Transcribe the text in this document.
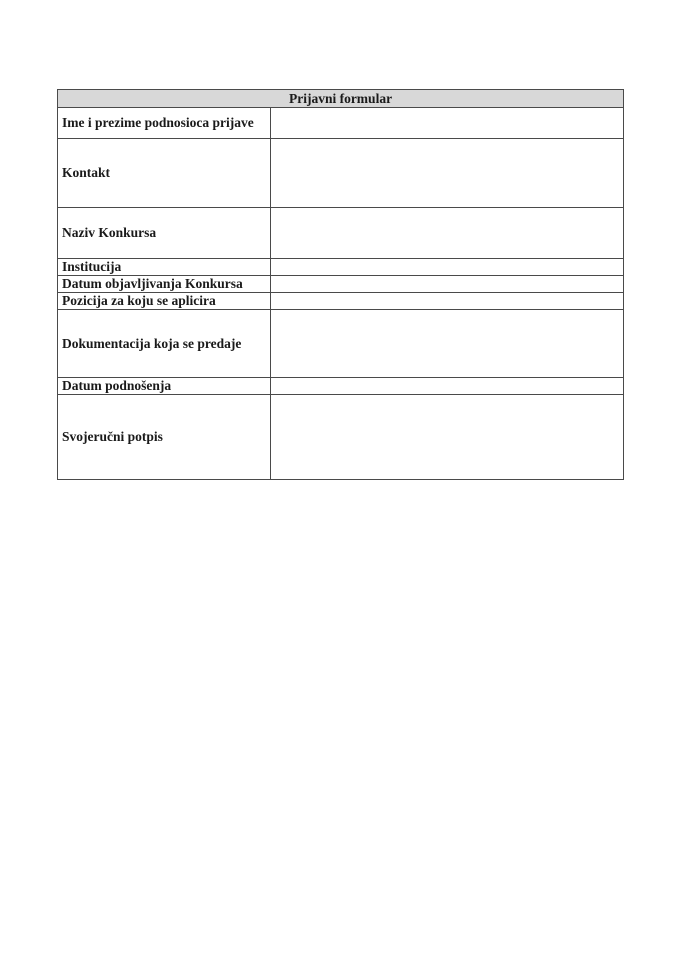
Prijavni formular	
Ime i prezime podnosioca prijave	
Kontakt	
Naziv Konkursa	
Institucija	
Datum objavljivanja Konkursa	
Pozicija za koju se aplicira	
Dokumentacija koja se predaje	
Datum podnošenja	
Svojeručni potpis	
